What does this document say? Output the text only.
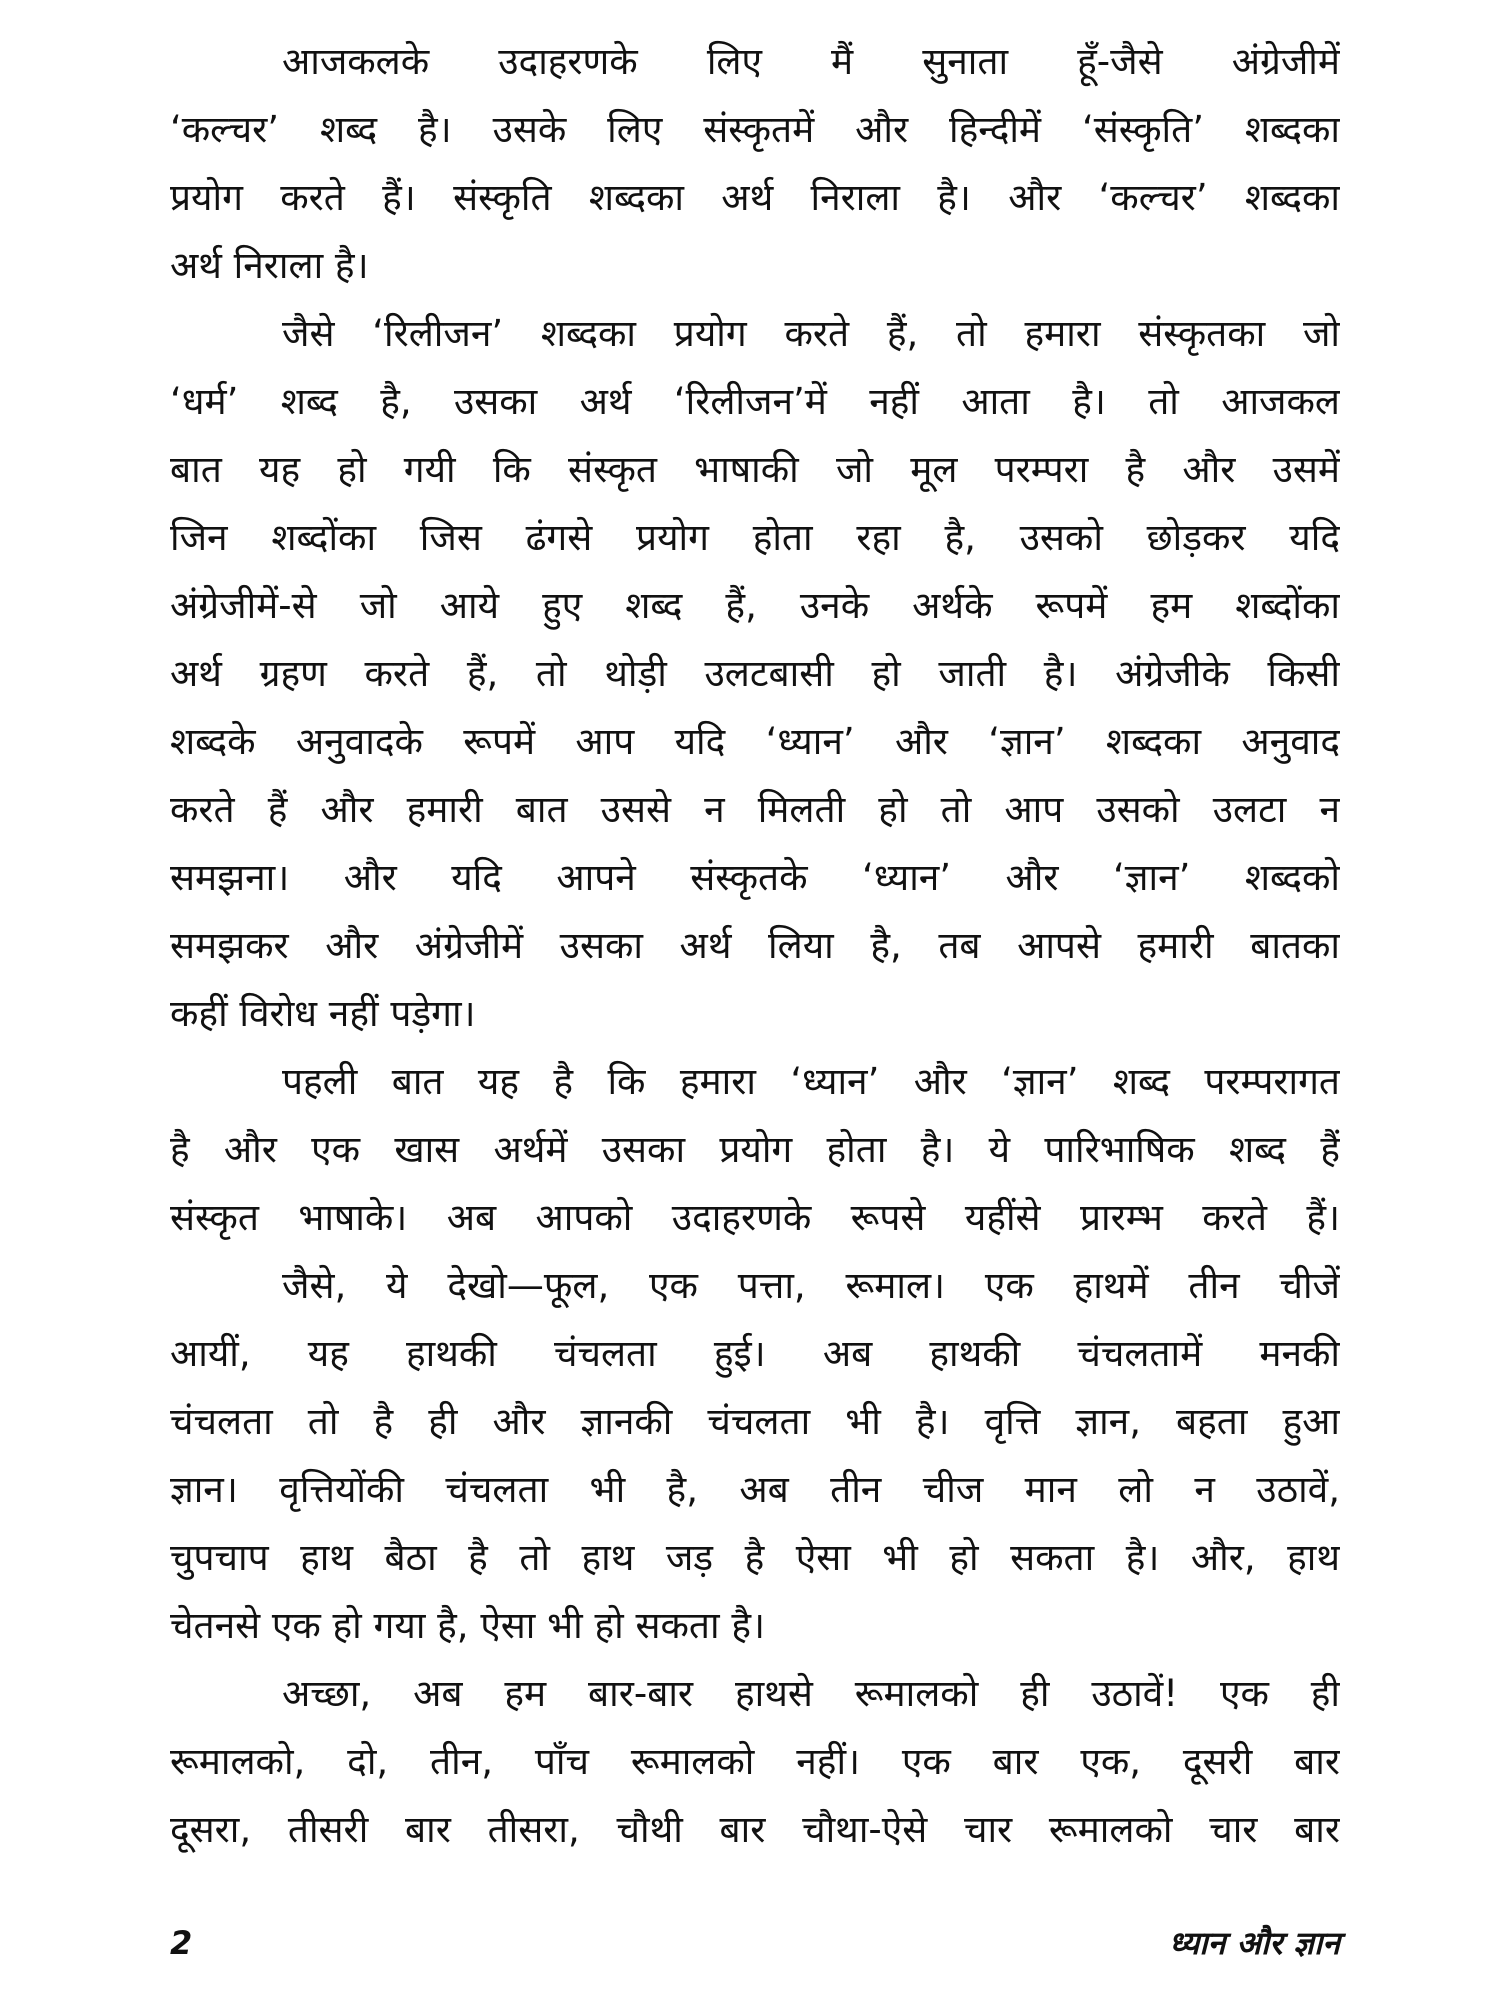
आजकलके उदाहरणके लिए मैं सुनाता हूँ-जैसे अंग्रेजीमें
‘कल्चर’ शब्द है। उसके लिए संस्कृतमें और हिन्दीमें ‘संस्कृति’ शब्दका
प्रयोग करते हैं। संस्कृति शब्दका अर्थ निराला है। और ‘कल्चर’ शब्दका
अर्थ निराला है।
जैसे ‘रिलीजन’ शब्दका प्रयोग करते हैं, तो हमारा संस्कृतका जो
‘धर्म’ शब्द है, उसका अर्थ ‘रिलीजन’में नहीं आता है। तो आजकल
बात यह हो गयी कि संस्कृत भाषाकी जो मूल परम्परा है और उसमें
जिन शब्दोंका जिस ढंगसे प्रयोग होता रहा है, उसको छोड़कर यदि
अंग्रेजीमें-से जो आये हुए शब्द हैं, उनके अर्थके रूपमें हम शब्दोंका
अर्थ ग्रहण करते हैं, तो थोड़ी उलटबासी हो जाती है। अंग्रेजीके किसी
शब्दके अनुवादके रूपमें आप यदि ‘ध्यान’ और ‘ज्ञान’ शब्दका अनुवाद
करते हैं और हमारी बात उससे न मिलती हो तो आप उसको उलटा न
समझना। और यदि आपने संस्कृतके ‘ध्यान’ और ‘ज्ञान’ शब्दको
समझकर और अंग्रेजीमें उसका अर्थ लिया है, तब आपसे हमारी बातका
कहीं विरोध नहीं पड़ेगा।
पहली बात यह है कि हमारा ‘ध्यान’ और ‘ज्ञान’ शब्द परम्परागत
है और एक खास अर्थमें उसका प्रयोग होता है। ये पारिभाषिक शब्द हैं
संस्कृत भाषाके। अब आपको उदाहरणके रूपसे यहींसे प्रारम्भ करते हैं।
जैसे, ये देखो—फूल, एक पत्ता, रूमाल। एक हाथमें तीन चीजें
आयीं, यह हाथकी चंचलता हुई। अब हाथकी चंचलतामें मनकी
चंचलता तो है ही और ज्ञानकी चंचलता भी है। वृत्ति ज्ञान, बहता हुआ
ज्ञान। वृत्तियोंकी चंचलता भी है, अब तीन चीज मान लो न उठावें,
चुपचाप हाथ बैठा है तो हाथ जड़ है ऐसा भी हो सकता है। और, हाथ
चेतनसे एक हो गया है, ऐसा भी हो सकता है।
अच्छा, अब हम बार-बार हाथसे रूमालको ही उठावें! एक ही
रूमालको, दो, तीन, पाँच रूमालको नहीं। एक बार एक, दूसरी बार
दूसरा, तीसरी बार तीसरा, चौथी बार चौथा-ऐसे चार रूमालको चार बार
2	ध्यान और ज्ञान
